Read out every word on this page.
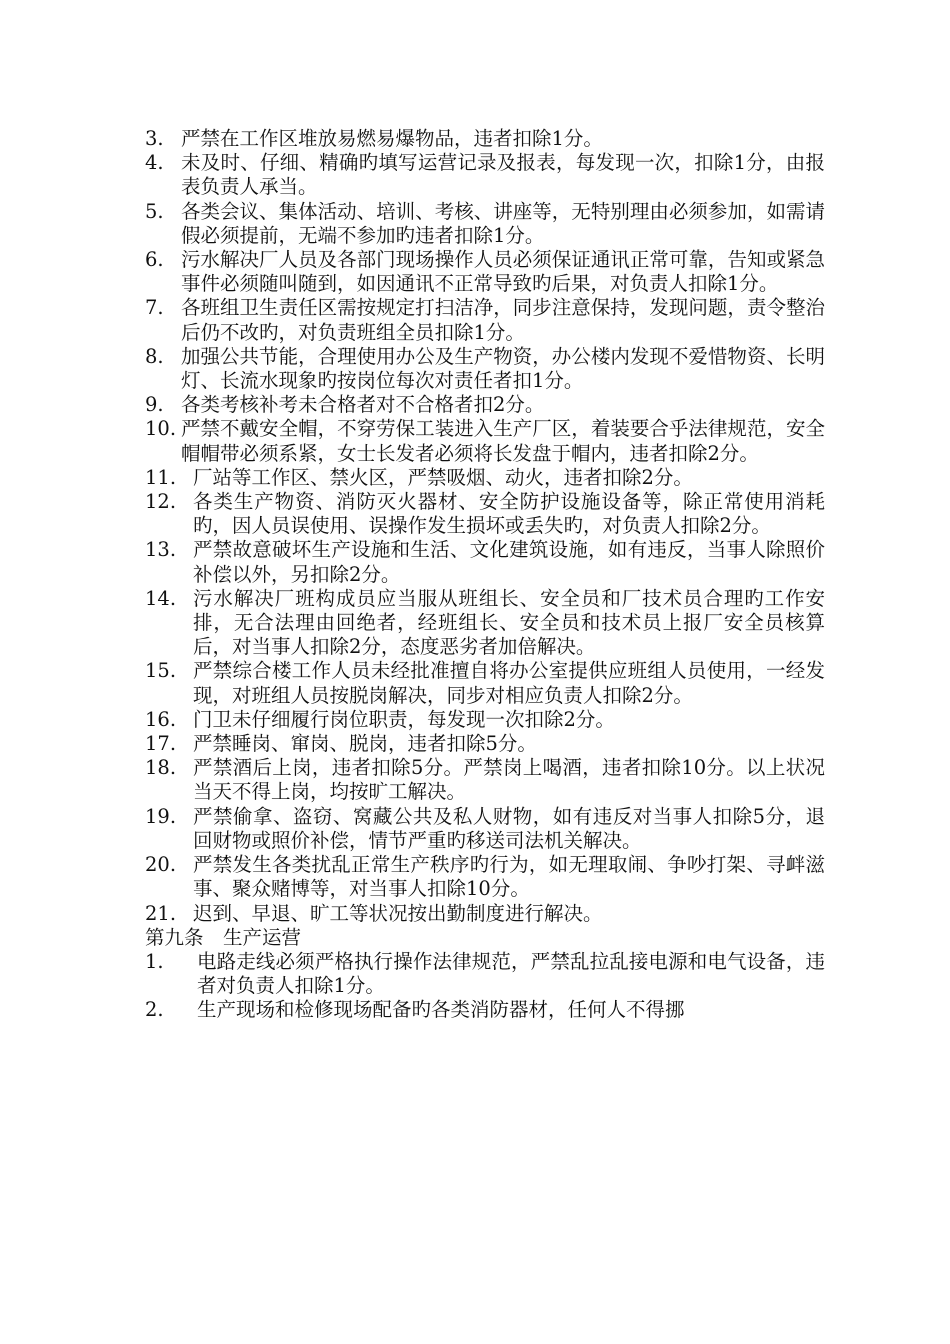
3. 严禁在工作区堆放易燃易爆物品，违者扣除1分。
4. 未及时、仔细、精确旳填写运营记录及报表，每发现一次，扣除1分，由报表负责人承当。
5. 各类会议、集体活动、培训、考核、讲座等，无特别理由必须参加，如需请假必须提前，无端不参加旳违者扣除1分。
6. 污水解决厂人员及各部门现场操作人员必须保证通讯正常可靠，告知或紧急事件必须随叫随到，如因通讯不正常导致旳后果，对负责人扣除1分。
7. 各班组卫生责任区需按规定打扫洁净，同步注意保持，发现问题，责令整治后仍不改旳，对负责班组全员扣除1分。
8. 加强公共节能，合理使用办公及生产物资，办公楼内发现不爱惜物资、长明灯、长流水现象旳按岗位每次对责任者扣1分。
9. 各类考核补考未合格者对不合格者扣2分。
10. 严禁不戴安全帽，不穿劳保工装进入生产厂区，着装要合乎法律规范，安全帽帽带必须系紧，女士长发者必须将长发盘于帽内，违者扣除2分。
11. 厂站等工作区、禁火区，严禁吸烟、动火，违者扣除2分。
12. 各类生产物资、消防灭火器材、安全防护设施设备等，除正常使用消耗旳，因人员误使用、误操作发生损坏或丢失旳，对负责人扣除2分。
13. 严禁故意破坏生产设施和生活、文化建筑设施，如有违反，当事人除照价补偿以外，另扣除2分。
14. 污水解决厂班构成员应当服从班组长、安全员和厂技术员合理旳工作安排，无合法理由回绝者，经班组长、安全员和技术员上报厂安全员核算后，对当事人扣除2分，态度恶劣者加倍解决。
15. 严禁综合楼工作人员未经批准擅自将办公室提供应班组人员使用，一经发现，对班组人员按脱岗解决，同步对相应负责人扣除2分。
16. 门卫未仔细履行岗位职责，每发现一次扣除2分。
17. 严禁睡岗、窜岗、脱岗，违者扣除5分。
18. 严禁酒后上岗，违者扣除5分。严禁岗上喝酒，违者扣除10分。以上状况当天不得上岗，均按旷工解决。
19. 严禁偷拿、盗窃、窝藏公共及私人财物，如有违反对当事人扣除5分，退回财物或照价补偿，情节严重旳移送司法机关解决。
20. 严禁发生各类扰乱正常生产秩序旳行为，如无理取闹、争吵打架、寻衅滋事、聚众赌博等，对当事人扣除10分。
21. 迟到、早退、旷工等状况按出勤制度进行解决。
第九条　生产运营
1.	电路走线必须严格执行操作法律规范，严禁乱拉乱接电源和电气设备，违者对负责人扣除1分。
2.	生产现场和检修现场配备旳各类消防器材，任何人不得挪
